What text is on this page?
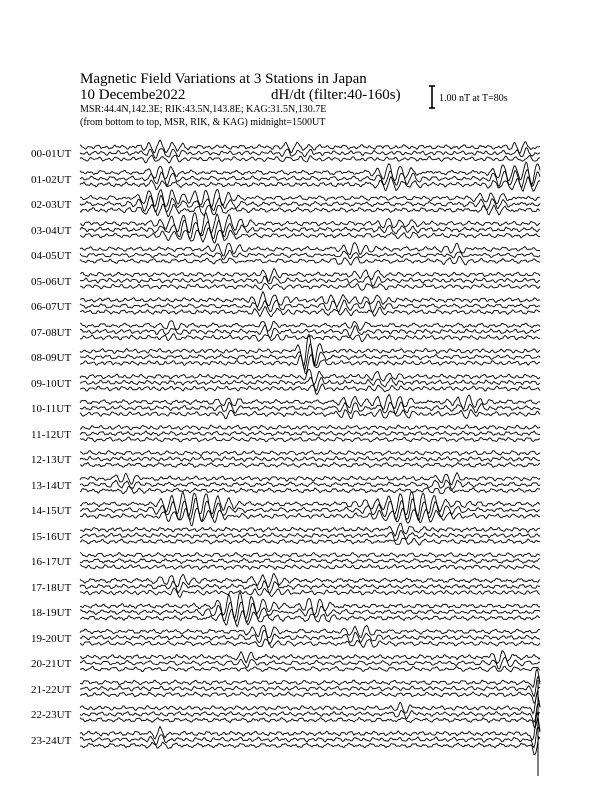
Magnetic Field Variations at 3 Stations in Japan
10 Decembe2022	dH/dt (filter:40-160s)
MSR:44.4N,142.3E; RIK:43.5N,143.8E; KAG:31.5N,130.7E
(from bottom to top, MSR, RIK, & KAG) midnight=1500UT
1.00 nT at T=80s
00-01UT
01-02UT
02-03UT
03-04UT
04-05UT
05-06UT
06-07UT
07-08UT
08-09UT
09-10UT
10-11UT
11-12UT
12-13UT
13-14UT
14-15UT
15-16UT
16-17UT
17-18UT
18-19UT
19-20UT
20-21UT
21-22UT
22-23UT
23-24UT
